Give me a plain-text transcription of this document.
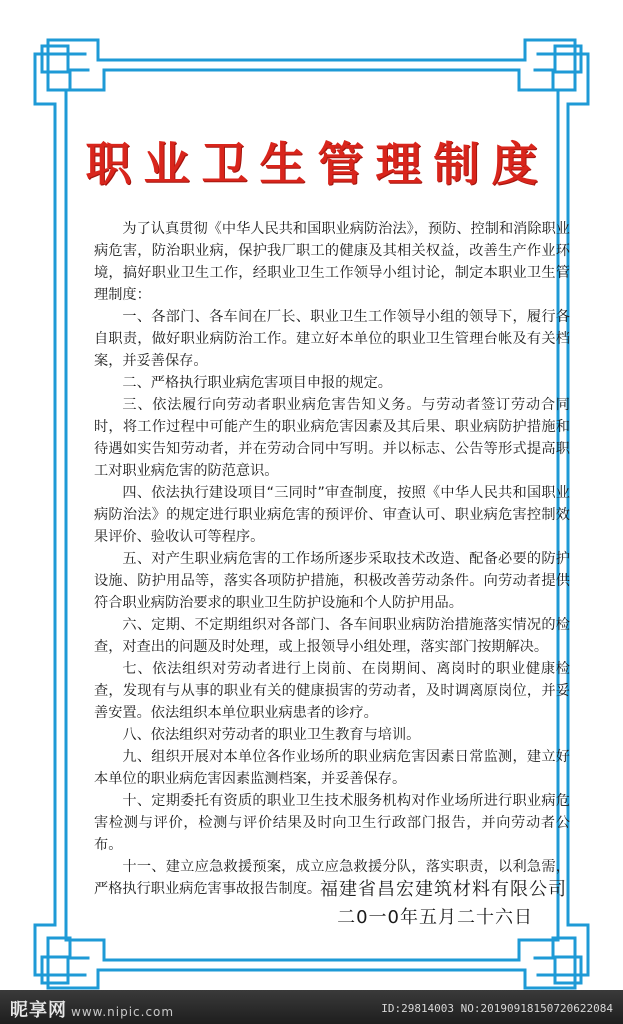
职业卫生管理制度

为了认真贯彻《中华人民共和国职业病防治法》，预防、控制和消除职业病危害，防治职业病，保护我厂职工的健康及其相关权益，改善生产作业环境，搞好职业卫生工作，经职业卫生工作领导小组讨论，制定本职业卫生管理制度：

一、各部门、各车间在厂长、职业卫生工作领导小组的领导下，履行各自职责，做好职业病防治工作。建立好本单位的职业卫生管理台帐及有关档案，并妥善保存。

二、严格执行职业病危害项目申报的规定。

三、依法履行向劳动者职业病危害告知义务。与劳动者签订劳动合同时，将工作过程中可能产生的职业病危害因素及其后果、职业病防护措施和待遇如实告知劳动者，并在劳动合同中写明。并以标志、公告等形式提高职工对职业病危害的防范意识。

四、依法执行建设项目“三同时”审查制度，按照《中华人民共和国职业病防治法》的规定进行职业病危害的预评价、审查认可、职业病危害控制效果评价、验收认可等程序。

五、对产生职业病危害的工作场所逐步采取技术改造、配备必要的防护设施、防护用品等，落实各项防护措施，积极改善劳动条件。向劳动者提供符合职业病防治要求的职业卫生防护设施和个人防护用品。

六、定期、不定期组织对各部门、各车间职业病防治措施落实情况的检查，对查出的问题及时处理，或上报领导小组处理，落实部门按期解决。

七、依法组织对劳动者进行上岗前、在岗期间、离岗时的职业健康检查，发现有与从事的职业有关的健康损害的劳动者，及时调离原岗位，并妥善安置。依法组织本单位职业病患者的诊疗。

八、依法组织对劳动者的职业卫生教育与培训。

九、组织开展对本单位各作业场所的职业病危害因素日常监测，建立好本单位的职业病危害因素监测档案，并妥善保存。

十、定期委托有资质的职业卫生技术服务机构对作业场所进行职业病危害检测与评价，检测与评价结果及时向卫生行政部门报告，并向劳动者公布。

十一、建立应急救援预案，成立应急救援分队，落实职责，以利急需，严格执行职业病危害事故报告制度。

福建省昌宏建筑材料有限公司
二0一0年五月二十六日
昵享网 www.nipic.com	ID:29814003 NO:20190918150720622084
